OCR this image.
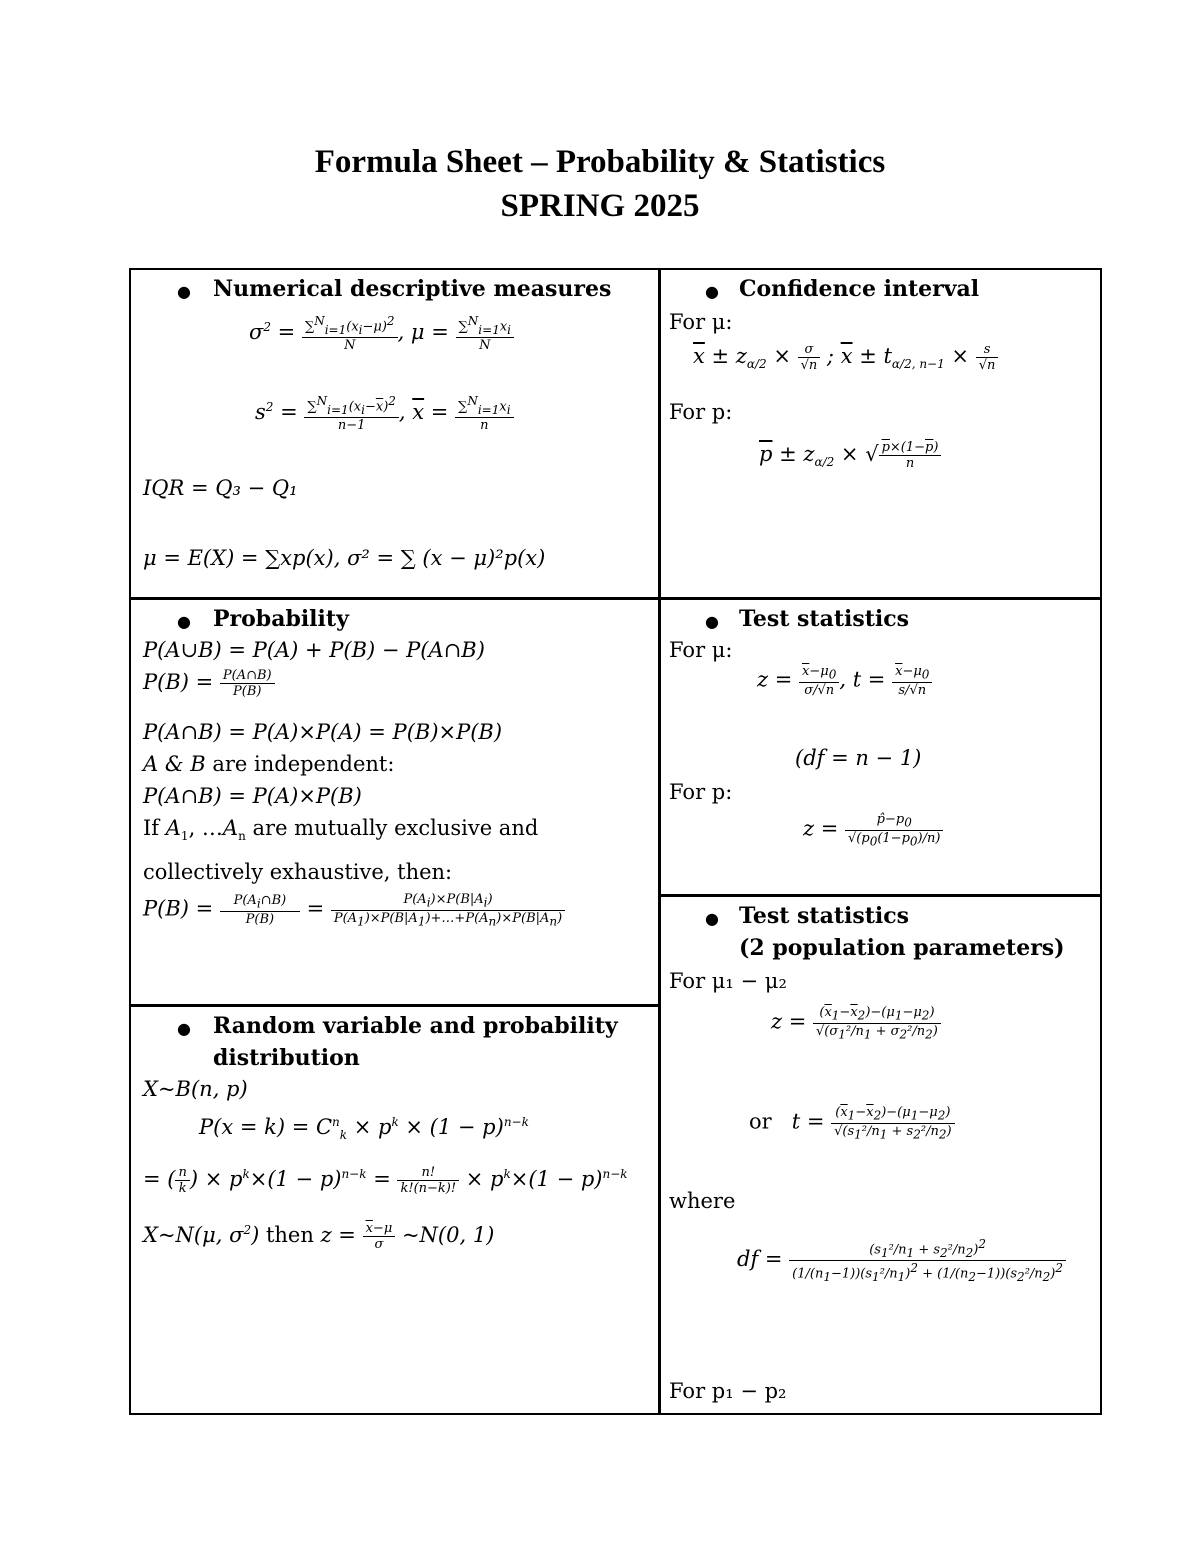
Formula Sheet – Probability & Statistics
SPRING 2025
● Numerical descriptive measures
$\sigma^2 = \frac{\sum^N_{i=1}(x_i-\mu)^2}{N}$ , $\mu = \frac{\sum^N_{i=1}x_i}{N}$
$s^2 = \frac{\sum^N_{i=1}(x_i-\overline{x})^2}{n-1}$ , $\overline{x} = \frac{\sum^N_{i=1}x_i}{n}$
IQR = Q₃ − Q₁
μ = E(X) = ∑xp(x), σ² = ∑ (x − μ)²p(x)
● Confidence interval
For μ:
$\overline{x} \pm z_{\alpha/2} \times \frac{\sigma}{√n}$ ; $\overline{x} \pm t_{\alpha/2, n-1} \times \frac{s}{√n}$
For p:
$\overline{p} \pm z_{\alpha/2}$ × √ $\frac{p\times(1-\overline{p})}{n}$
● Probability
P(A∪B) = P(A) + P(B) − P(A∩B)
$P(B) = \frac{P(A\cap B)}{P(B)}$
P(A∩B) = P(A)×P(A) = P(B)×P(B)
A & B are independent:
P(A∩B) = P(A)×P(B)
If $A_1$, $\dots A_n$ are mutually exclusive and
collectively exhaustive, then:
$P(B) = \frac{P(A_i\cap B)}{P(B)} = \frac{P(A_i)\times P(B|A_i)}{P(A_1)\times P(B|A_1)+\dots+P(A_n)\times P(B|A_n)}$
● Test statistics
For μ:
$z = \frac{\overline{x}-\mu_0}{\sigma/√n}$ , $t = \frac{\overline{x}-\mu_0}{s/√n}$
(df = n − 1)
For p:
$z = \frac{p̂-p_0}{√(p_0(1-p_0)/n)}$
● Random variable and probability
distribution
X~B(n, p)
$P(x = k) = C^n_k \times p^k \times (1 - p)^{n-k}$
= ( $\frac{n}{k}$ ) × $p^k\times(1 - p)^{n-k} = \frac{n!}{k!(n-k)!} \times p^k\times(1 - p)^{n-k}$
X~N(μ, $\sigma^2$) then $z = \frac{\overline{x}-\mu}{\sigma}$ ~N(0, 1)
● Test statistics
(2 population parameters)
For μ₁ − μ₂
$z = \frac{(\overline{x}_1-\overline{x}_2)-(\mu_1-\mu_2)}{√(\sigma_1^2/n_1 + \sigma_2^2/n_2)}$
or   $t = \frac{(\overline{x}_1-\overline{x}_2)-(\mu_1-\mu_2)}{√(s_1^2/n_1 + s_2^2/n_2)}$
where
df = $\frac{(s_1^2/n_1 + s_2^2/n_2)^2}{(1/(n_1-1))(s_1^2/n_1)^2 + (1/(n_2-1))(s_2^2/n_2)^2}$
For p₁ − p₂
